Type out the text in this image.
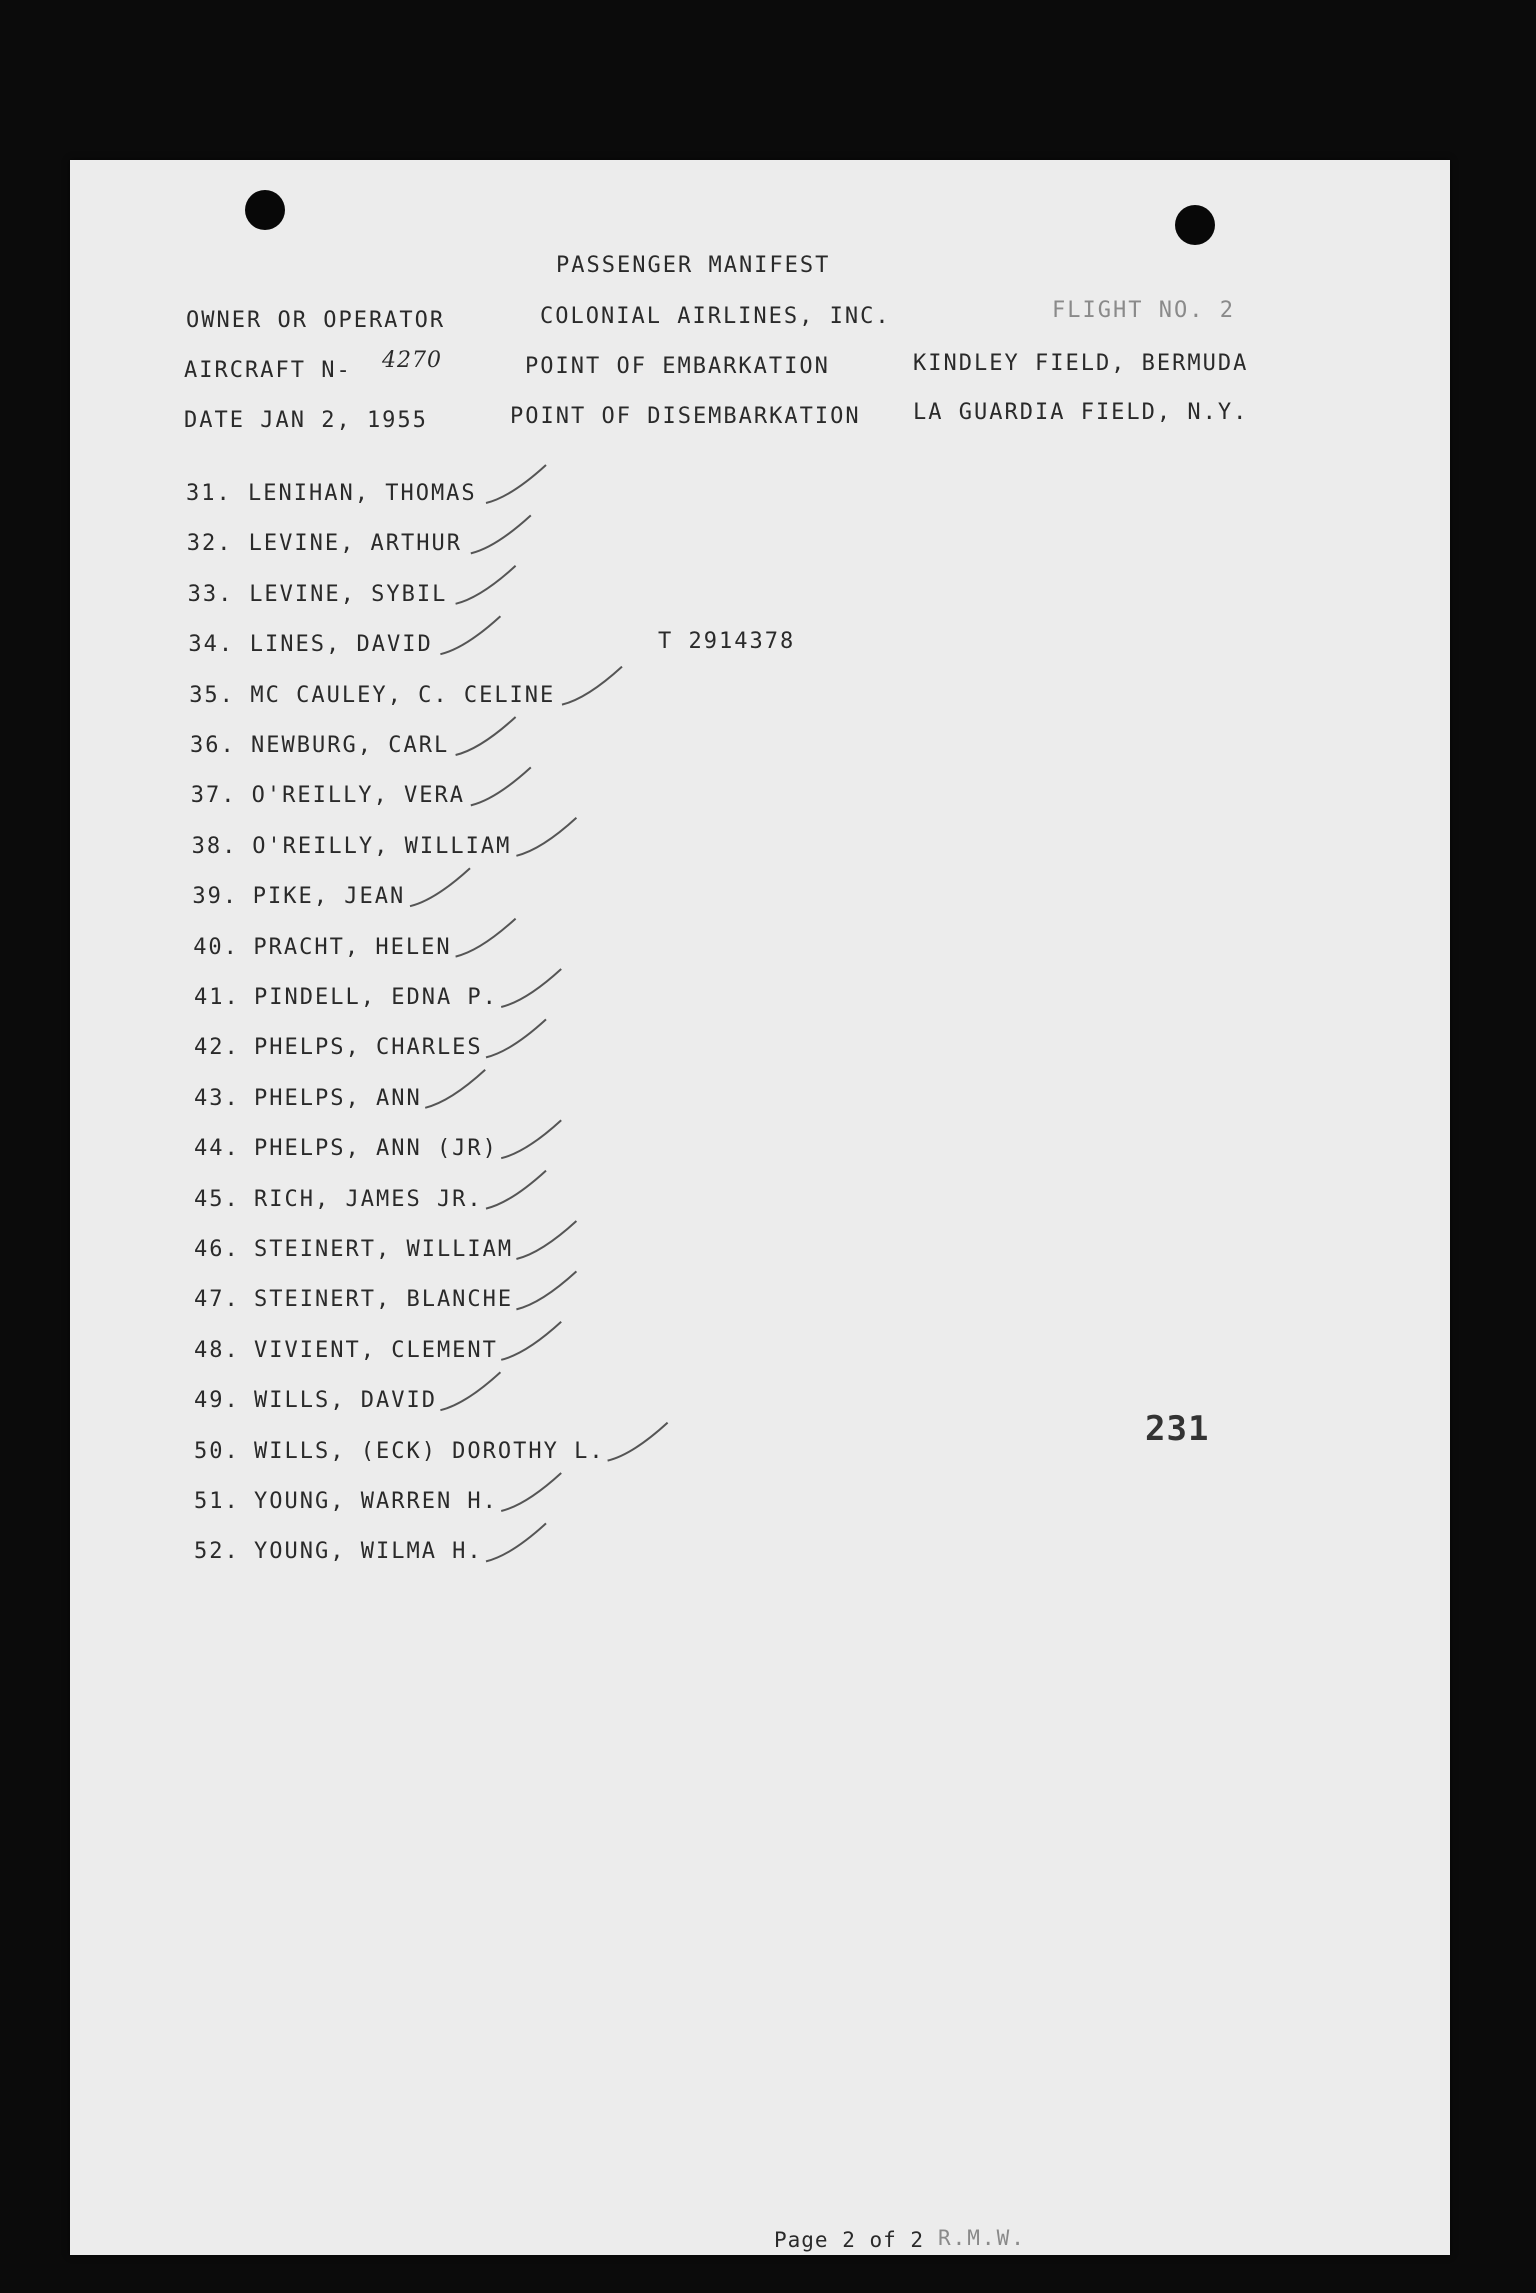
PASSENGER MANIFEST
OWNER OR OPERATOR	COLONIAL AIRLINES, INC.	FLIGHT NO. 2
AIRCRAFT N- 4270	POINT OF EMBARKATION	KINDLEY FIELD, BERMUDA
DATE JAN 2, 1955	POINT OF DISEMBARKATION LA GUARDIA FIELD, N.Y.
31. LENIHAN, THOMAS
32. LEVINE, ARTHUR
33. LEVINE, SYBIL
34. LINES, DAVID	T 2914378
35. MC CAULEY, C. CELINE
36. NEWBURG, CARL
37. O'REILLY, VERA
38. O'REILLY, WILLIAM
39. PIKE, JEAN
40. PRACHT, HELEN
41. PINDELL, EDNA P.
42. PHELPS, CHARLES
43. PHELPS, ANN
44. PHELPS, ANN (JR)
45. RICH, JAMES JR.
46. STEINERT, WILLIAM
47. STEINERT, BLANCHE
48. VIVIENT, CLEMENT
49. WILLS, DAVID
50. WILLS, (ECK) DOROTHY L.
51. YOUNG, WARREN H.
52. YOUNG, WILMA H.
231
Page 2 of 2 R.M.W.
